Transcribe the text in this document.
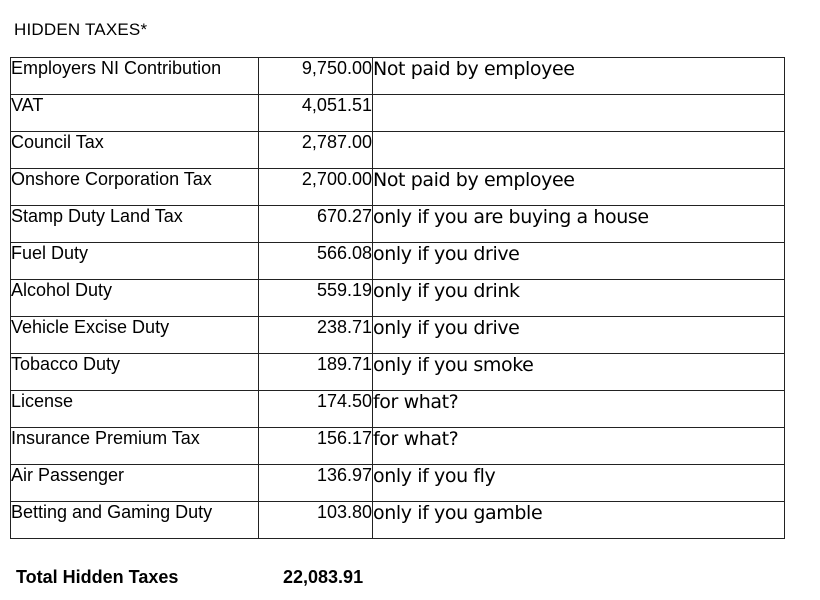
HIDDEN TAXES*
Employers NI Contribution	9,750.00	Not paid by employee
VAT	4,051.51	
Council Tax	2,787.00	
Onshore Corporation Tax	2,700.00	Not paid by employee
Stamp Duty Land Tax	670.27	only if you are buying a house
Fuel Duty	566.08	only if you drive
Alcohol Duty	559.19	only if you drink
Vehicle Excise Duty	238.71	only if you drive
Tobacco Duty	189.71	only if you smoke
License	174.50	for what?
Insurance Premium Tax	156.17	for what?
Air Passenger	136.97	only if you fly
Betting and Gaming Duty	103.80	only if you gamble
Total Hidden Taxes	22,083.91
